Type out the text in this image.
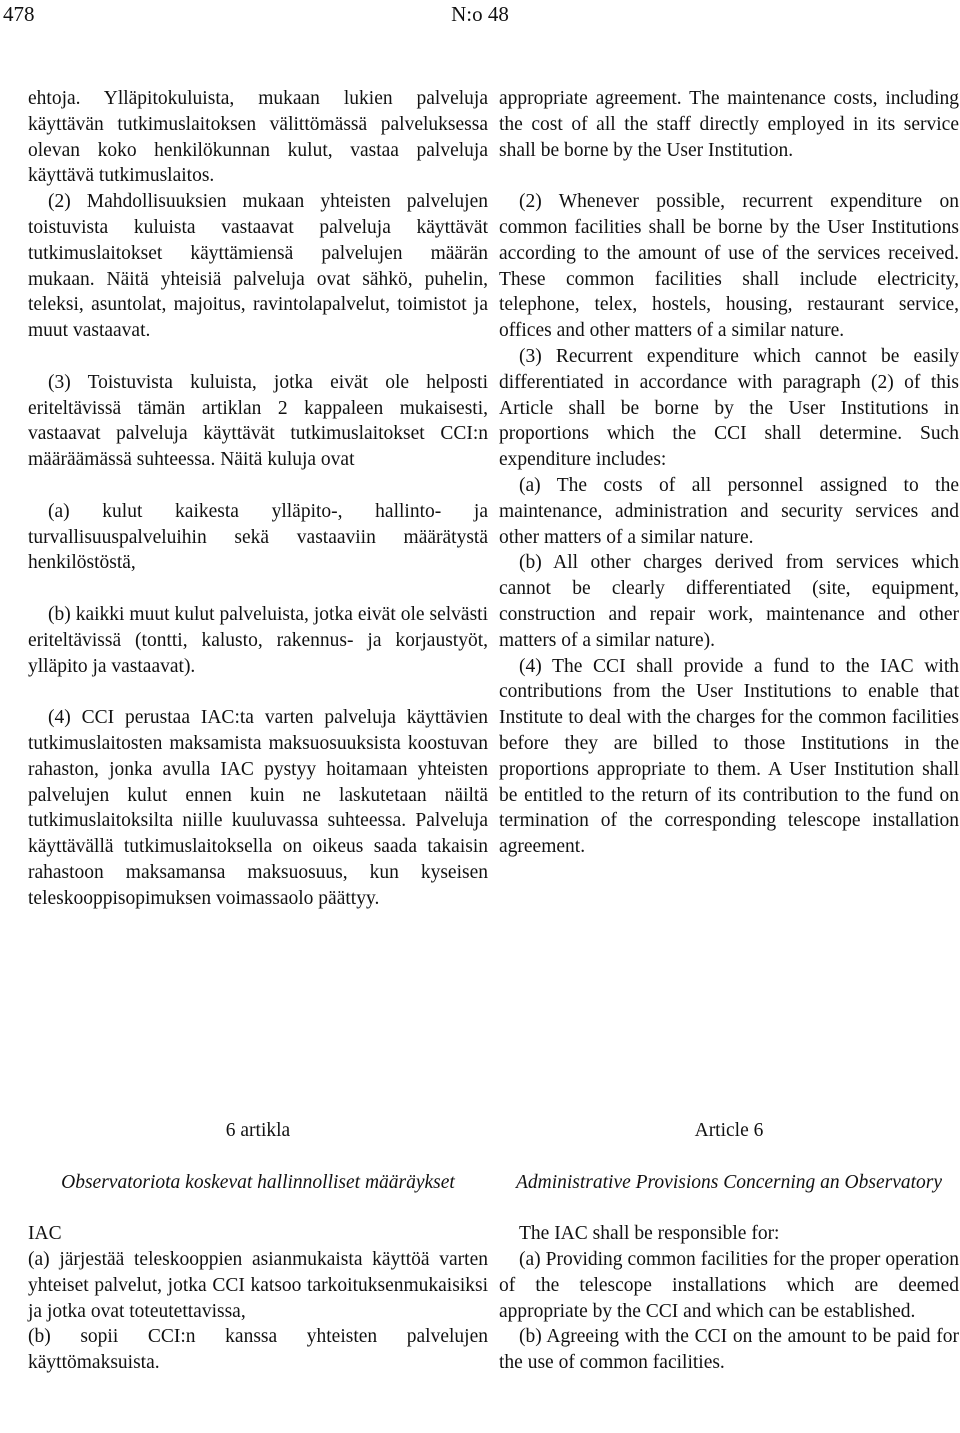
478	N:o 48

ehtoja. Ylläpitokuluista, mukaan lukien palveluja käyttävän tutkimuslaitoksen välittömässä palveluksessa olevan koko henkilökunnan kulut, vastaa palveluja käyttävä tutkimuslaitos.

(2) Mahdollisuuksien mukaan yhteisten palvelujen toistuvista kuluista vastaavat palveluja käyttävät tutkimuslaitokset käyttämiensä palvelujen määrän mukaan. Näitä yhteisiä palveluja ovat sähkö, puhelin, teleksi, asuntolat, majoitus, ravintolapalvelut, toimistot ja muut vastaavat.

(3) Toistuvista kuluista, jotka eivät ole helposti eriteltävissä tämän artiklan 2 kappaleen mukaisesti, vastaavat palveluja käyttävät tutkimuslaitokset CCI:n määräämässä suhteessa. Näitä kuluja ovat

(a) kulut kaikesta ylläpito-, hallinto- ja turvallisuuspalveluihin sekä vastaaviin määrätystä henkilöstöstä,

(b) kaikki muut kulut palveluista, jotka eivät ole selvästi eriteltävissä (tontti, kalusto, rakennus- ja korjaustyöt, ylläpito ja vastaavat).

(4) CCI perustaa IAC:ta varten palveluja käyttävien tutkimuslaitosten maksamista maksuosuuksista koostuvan rahaston, jonka avulla IAC pystyy hoitamaan yhteisten palvelujen kulut ennen kuin ne laskutetaan näiltä tutkimuslaitoksilta niille kuuluvassa suhteessa. Palveluja käyttävällä tutkimuslaitoksella on oikeus saada takaisin rahastoon maksamansa maksuosuus, kun kyseisen teleskooppisopimuksen voimassaolo päättyy.

appropriate agreement. The maintenance costs, including the cost of all the staff directly employed in its service shall be borne by the User Institution.

(2) Whenever possible, recurrent expenditure on common facilities shall be borne by the User Institutions according to the amount of use of the services received. These common facilities shall include electricity, telephone, telex, hostels, housing, restaurant service, offices and other matters of a similar nature.

(3) Recurrent expenditure which cannot be easily differentiated in accordance with paragraph (2) of this Article shall be borne by the User Institutions in proportions which the CCI shall determine. Such expenditure includes:

(a) The costs of all personnel assigned to the maintenance, administration and security services and other matters of a similar nature.

(b) All other charges derived from services which cannot be clearly differentiated (site, equipment, construction and repair work, maintenance and other matters of a similar nature).

(4) The CCI shall provide a fund to the IAC with contributions from the User Institutions to enable that Institute to deal with the charges for the common facilities before they are billed to those Institutions in the proportions appropriate to them. A User Institution shall be entitled to the return of its contribution to the fund on termination of the corresponding telescope installation agreement.

6 artikla

Observatoriota koskevat hallinnolliset määräykset

IAC

(a) järjestää teleskooppien asianmukaista käyttöä varten yhteiset palvelut, jotka CCI katsoo tarkoituksenmukaisiksi ja jotka ovat toteutettavissa,

(b) sopii CCI:n kanssa yhteisten palvelujen käyttömaksuista.

Article 6

Administrative Provisions Concerning an Observatory

The IAC shall be responsible for:

(a) Providing common facilities for the proper operation of the telescope installations which are deemed appropriate by the CCI and which can be established.

(b) Agreeing with the CCI on the amount to be paid for the use of common facilities.
